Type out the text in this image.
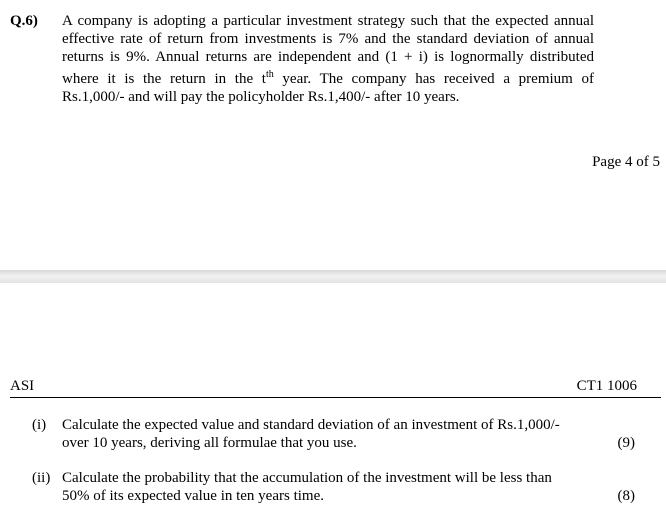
Q.6) A company is adopting a particular investment strategy such that the expected annual
effective rate of return from investments is 7% and the standard deviation of annual
returns is 9%. Annual returns are independent and (1 + i) is lognormally distributed
where it is the return in the $t^{th}$ year. The company has received a premium of
Rs.1,000/- and will pay the policyholder Rs.1,400/- after 10 years.
Page 4 of 5
ASI	CT1 1006
(i) Calculate the expected value and standard deviation of an investment of Rs.1,000/-
over 10 years, deriving all formulae that you use.	(9)
(ii) Calculate the probability that the accumulation of the investment will be less than
50% of its expected value in ten years time.	(8)
